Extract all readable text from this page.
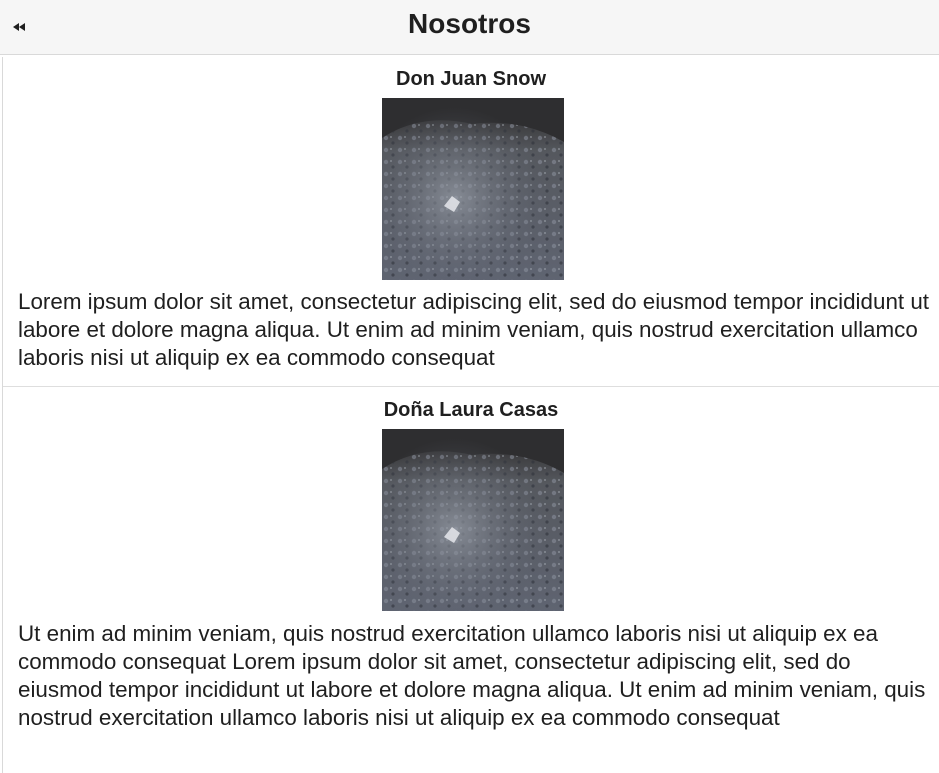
Nosotros
Don Juan Snow

Lorem ipsum dolor sit amet, consectetur adipiscing elit, sed do eiusmod tempor incididunt ut labore et dolore magna aliqua. Ut enim ad minim veniam, quis nostrud exercitation ullamco laboris nisi ut aliquip ex ea commodo consequat

Doña Laura Casas

Ut enim ad minim veniam, quis nostrud exercitation ullamco laboris nisi ut aliquip ex ea commodo consequat Lorem ipsum dolor sit amet, consectetur adipiscing elit, sed do eiusmod tempor incididunt ut labore et dolore magna aliqua. Ut enim ad minim veniam, quis nostrud exercitation ullamco laboris nisi ut aliquip ex ea commodo consequat
